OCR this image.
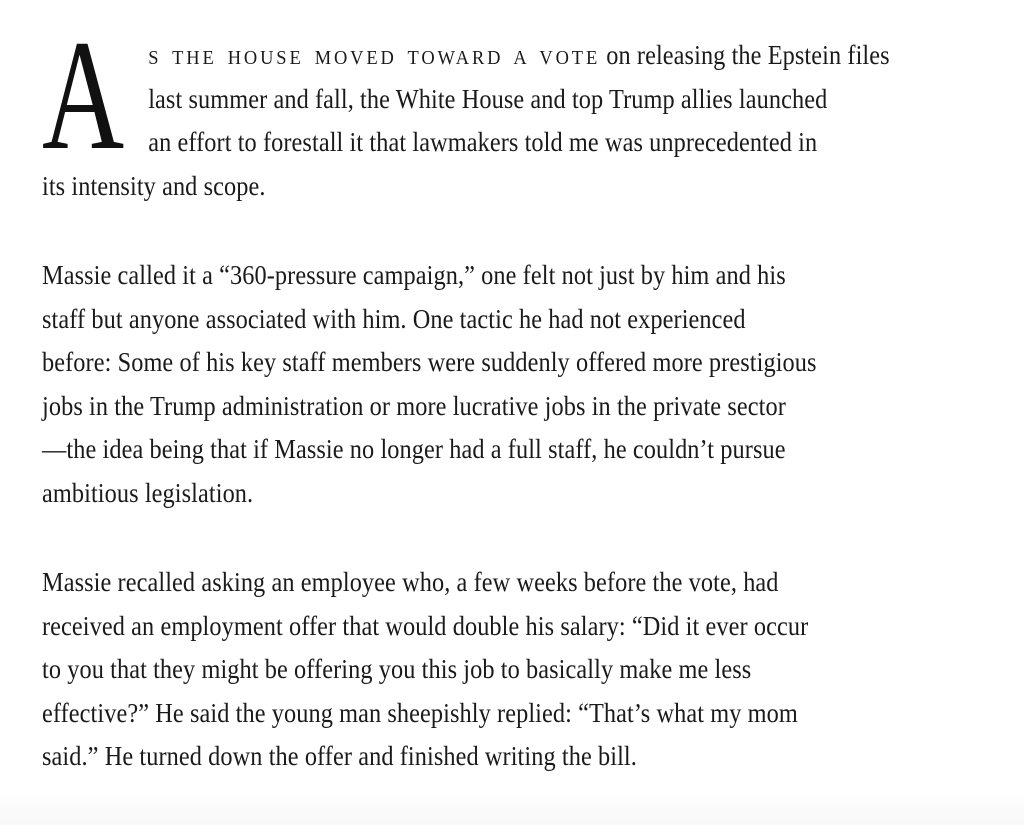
A S THE HOUSE MOVED TOWARD A VOTE on releasing the Epstein files
last summer and fall, the White House and top Trump allies launched
an effort to forestall it that lawmakers told me was unprecedented in
its intensity and scope.
Massie called it a “360-pressure campaign,” one felt not just by him and his
staff but anyone associated with him. One tactic he had not experienced
before: Some of his key staff members were suddenly offered more prestigious
jobs in the Trump administration or more lucrative jobs in the private sector
—the idea being that if Massie no longer had a full staff, he couldn’t pursue
ambitious legislation.
Massie recalled asking an employee who, a few weeks before the vote, had
received an employment offer that would double his salary: “Did it ever occur
to you that they might be offering you this job to basically make me less
effective?” He said the young man sheepishly replied: “That’s what my mom
said.” He turned down the offer and finished writing the bill.
